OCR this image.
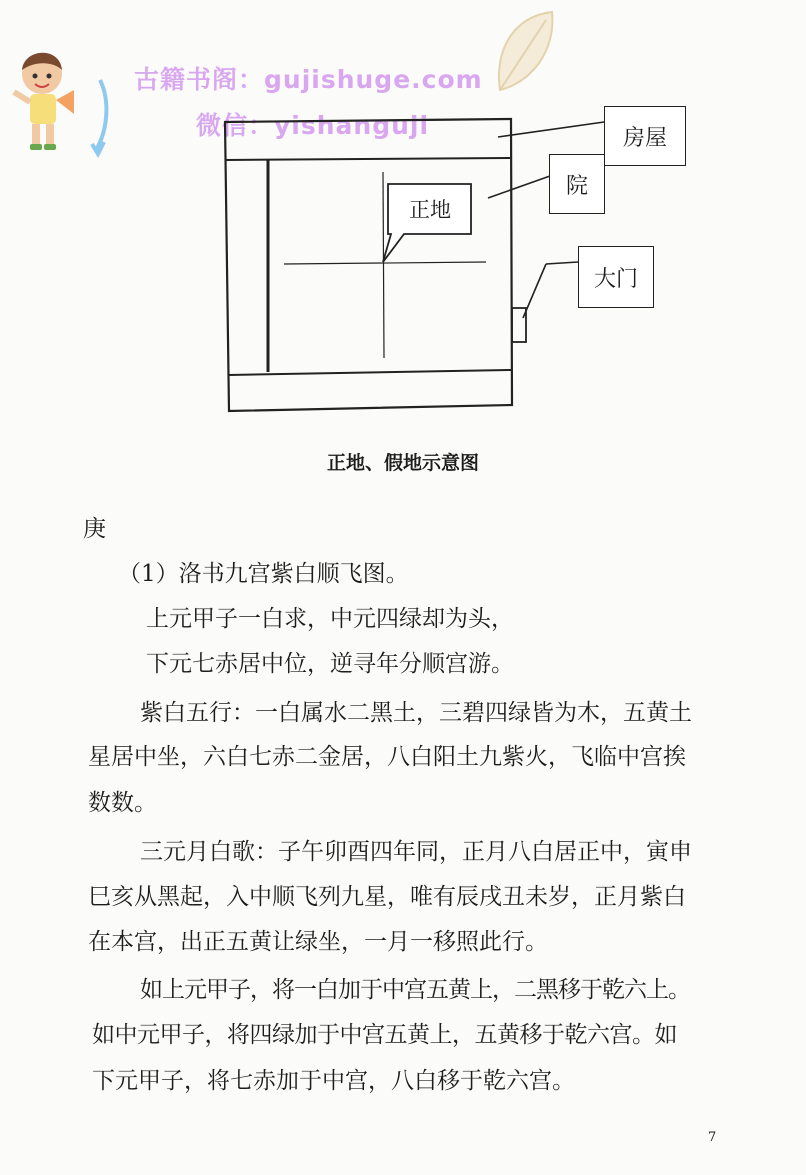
古籍书阁：gujishuge.com
微信：yishanguji	房屋
院
正地
大门
正地、假地示意图
庚
（1）洛书九宫紫白顺飞图。
上元甲子一白求，中元四绿却为头，
下元七赤居中位，逆寻年分顺宫游。
紫白五行：一白属水二黑土，三碧四绿皆为木，五黄土
星居中坐，六白七赤二金居，八白阳土九紫火，飞临中宫挨
数数。
三元月白歌：子午卯酉四年同，正月八白居正中，寅申
巳亥从黑起，入中顺飞列九星，唯有辰戌丑未岁，正月紫白
在本宫，出正五黄让绿坐，一月一移照此行。
如上元甲子，将一白加于中宫五黄上，二黑移于乾六上。
如中元甲子，将四绿加于中宫五黄上，五黄移于乾六宫。如
下元甲子，将七赤加于中宫，八白移于乾六宫。
7
